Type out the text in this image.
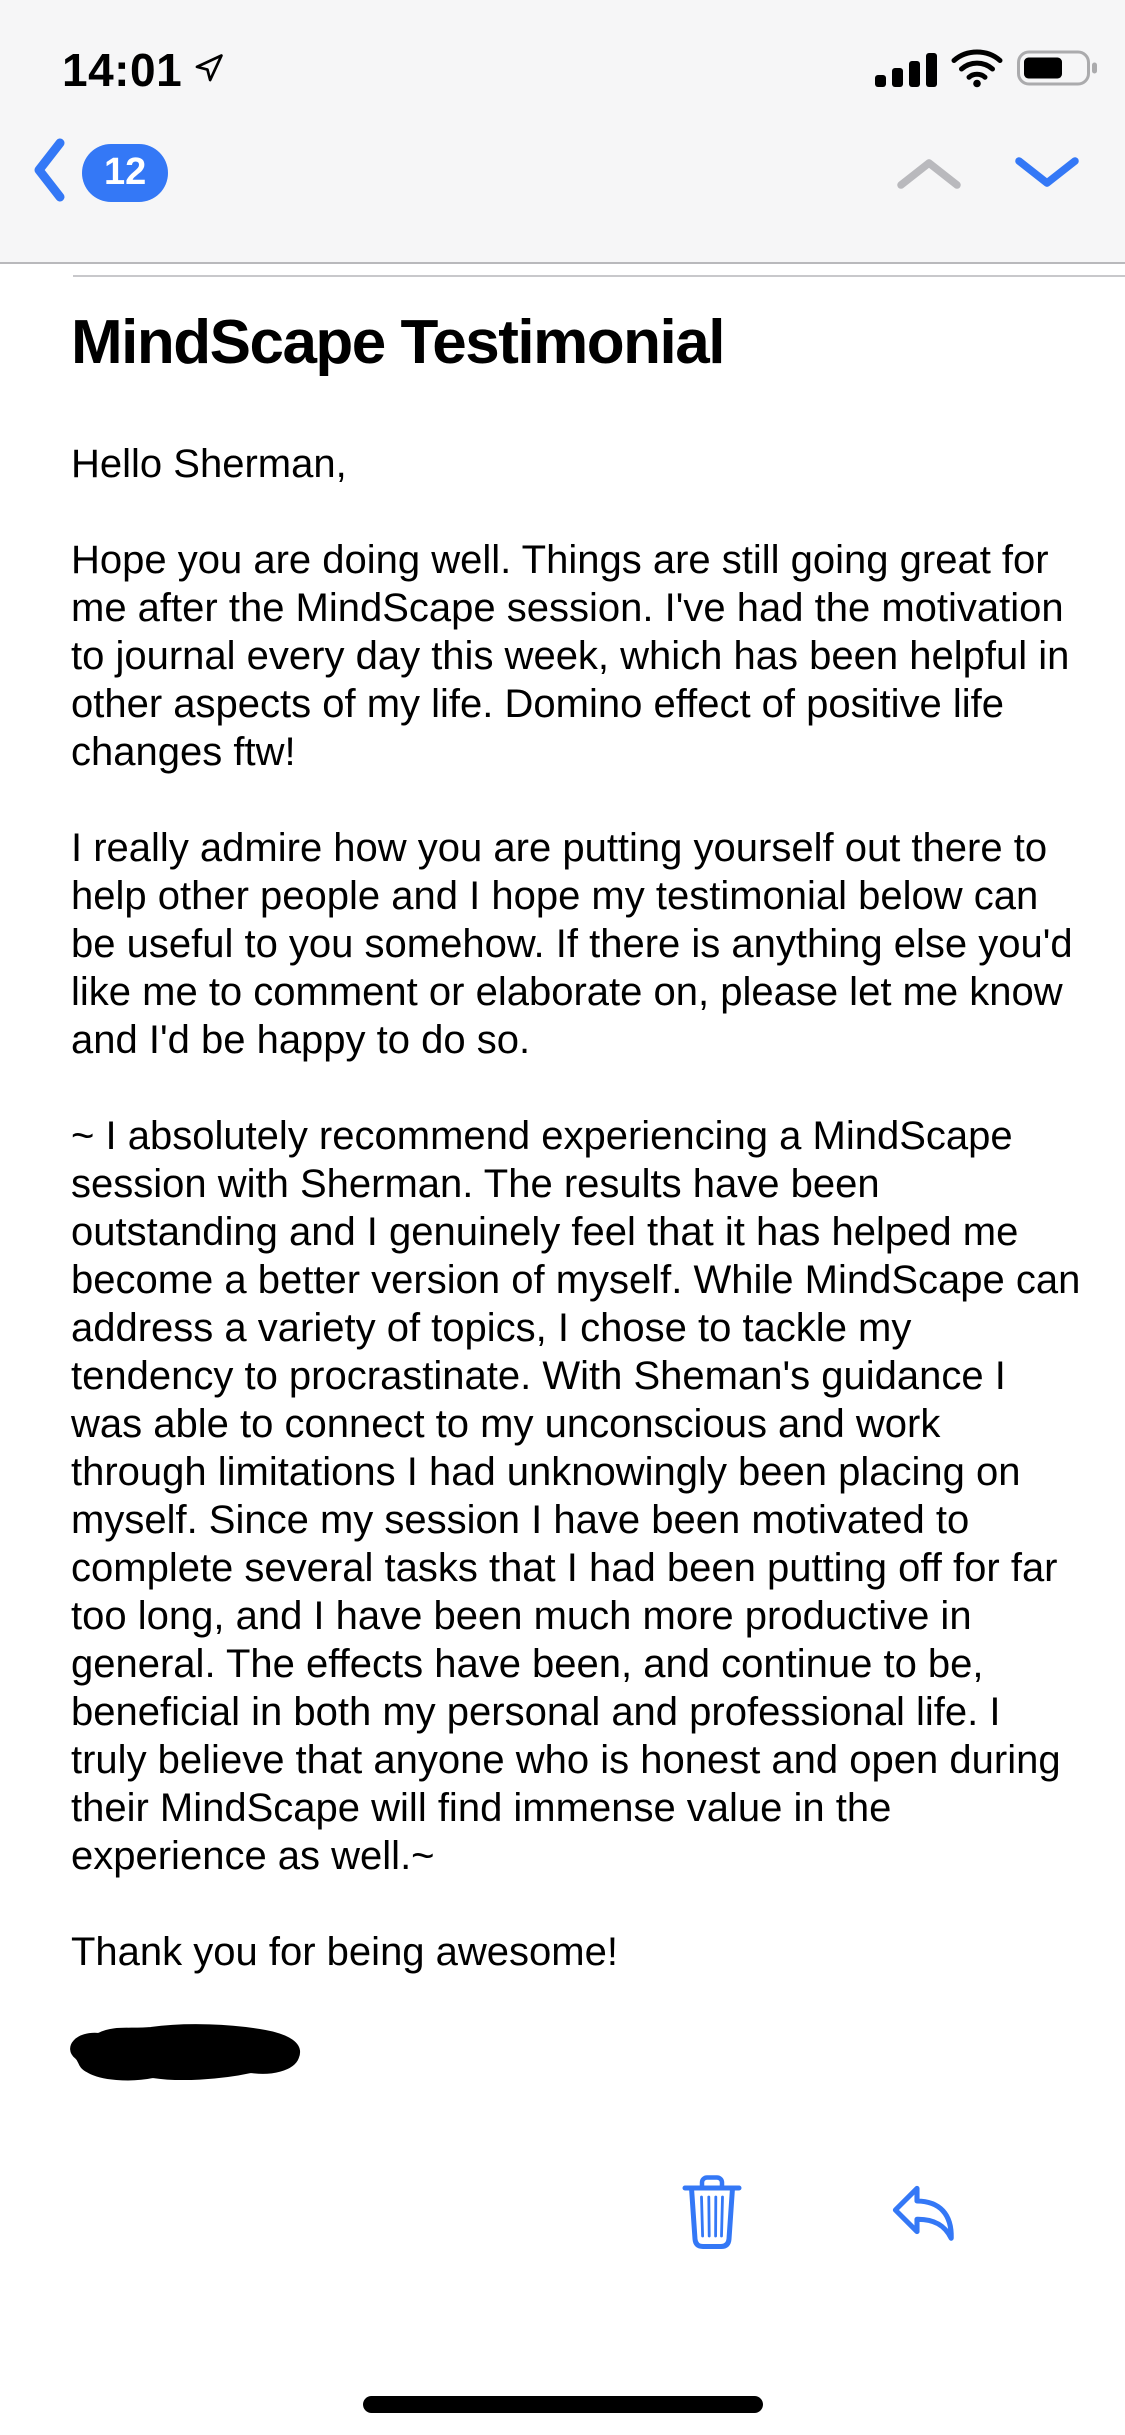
14:01
12
MindScape Testimonial

Hello Sherman,

Hope you are doing well. Things are still going great for me after the MindScape session. I've had the motivation to journal every day this week, which has been helpful in other aspects of my life. Domino effect of positive life changes ftw!

I really admire how you are putting yourself out there to help other people and I hope my testimonial below can be useful to you somehow. If there is anything else you'd like me to comment or elaborate on, please let me know and I'd be happy to do so.

~ I absolutely recommend experiencing a MindScape session with Sherman. The results have been outstanding and I genuinely feel that it has helped me become a better version of myself. While MindScape can address a variety of topics, I chose to tackle my tendency to procrastinate. With Sheman's guidance I was able to connect to my unconscious and work through limitations I had unknowingly been placing on myself. Since my session I have been motivated to complete several tasks that I had been putting off for far too long, and I have been much more productive in general. The effects have been, and continue to be, beneficial in both my personal and professional life. I truly believe that anyone who is honest and open during their MindScape will find immense value in the experience as well.~

Thank you for being awesome!
